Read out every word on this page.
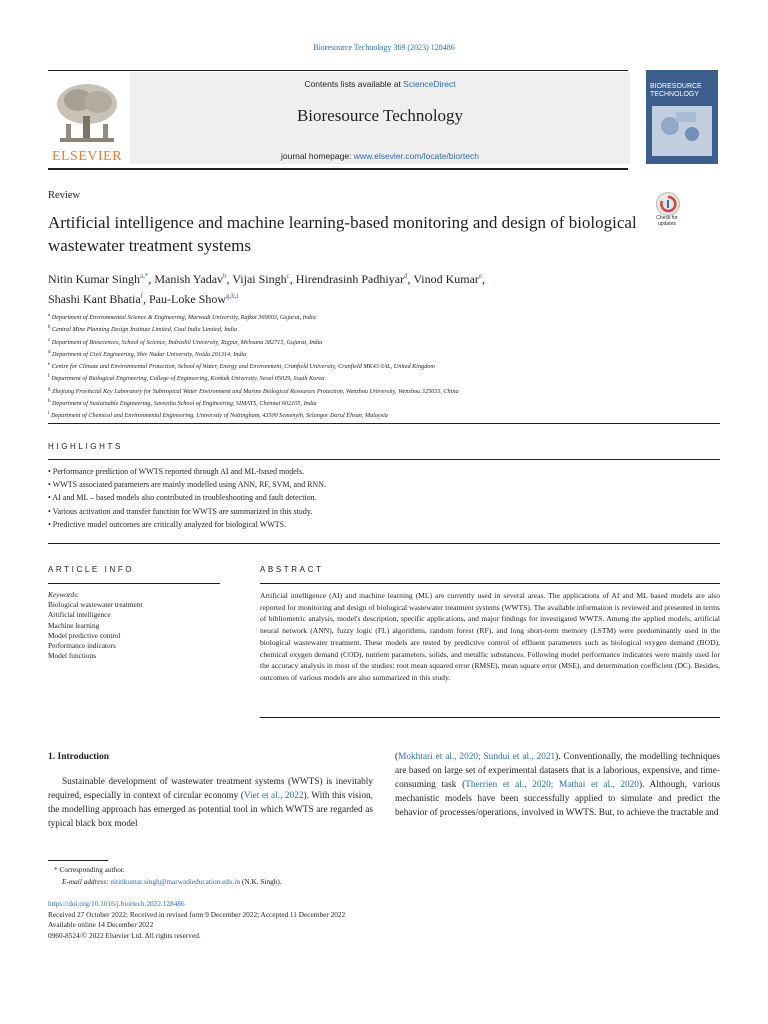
Bioresource Technology 369 (2023) 128486
ELSEVIER
Contents lists available at ScienceDirect
Bioresource Technology
journal homepage: www.elsevier.com/locate/biortech
BIORESOURCE
TECHNOLOGY
Review
Check for updates
Artificial intelligence and machine learning-based monitoring and design of biological wastewater treatment systems
Nitin Kumar Singh$^{a,*}$, Manish Yadav$^b$, Vijai Singh$^c$, Hirendrasinh Padhiyar$^d$, Vinod Kumar$^e$,
Shashi Kant Bhatia$^f$, Pau-Loke Show$^{g,h,i}$
$^a$ Department of Environmental Science & Engineering, Marwadi University, Rajkot 360003, Gujarat, India
$^b$ Central Mine Planning Design Institute Limited, Coal India Limited, India
$^c$ Department of Biosciences, School of Science, Indrashil University, Rajpur, Mehsana 382715, Gujarat, India
$^d$ Department of Civil Engineering, Shiv Nadar University, Noida 201314, India
$^e$ Centre for Climate and Environmental Protection, School of Water, Energy and Environment, Cranfield University, Cranfield MK43 0AL, United Kingdom
$^f$ Department of Biological Engineering, College of Engineering, Konkuk University, Seoul 05029, South Korea
$^g$ Zhejiang Provincial Key Laboratory for Subtropical Water Environment and Marine Biological Resources Protection, Wenzhou University, Wenzhou 325035, China
$^h$ Department of Sustainable Engineering, Saveetha School of Engineering, SIMATS, Chennai 602105, India
$^i$ Department of Chemical and Environmental Engineering, University of Nottingham, 43500 Semenyih, Selangor Darul Ehsan, Malaysia
HIGHLIGHTS
• Performance prediction of WWTS reported through AI and ML-based models.
• WWTS associated parameters are mainly modelled using ANN, RF, SVM, and RNN.
• AI and ML – based models also contributed in troubleshooting and fault detection.
• Various activation and transfer function for WWTS are summarized in this study.
• Predictive model outcomes are critically analyzed for biological WWTS.
ARTICLE INFO	ABSTRACT
Keywords:
Biological wastewater treatment
Artificial intelligence
Machine learning
Model predictive control
Performance indicators
Model functions
Artificial intelligence (AI) and machine learning (ML) are currently used in several areas. The applications of AI and ML based models are also reported for monitoring and design of biological wastewater treatment systems (WWTS). The available information is reviewed and presented in terms of bibliometric analysis, model's description, specific applications, and major findings for investigated WWTS. Among the applied models, artificial neural network (ANN), fuzzy logic (FL) algorithms, random forest (RF), and long short-term memory (LSTM) were predominantly used in the biological wastewater treatment. These models are tested by predictive control of effluent parameters such as biological oxygen demand (BOD), chemical oxygen demand (COD), nutrient parameters, solids, and metallic substances. Following model performance indicators were mainly used for the accuracy analysis in most of the studies: root mean squared error (RMSE), mean square error (MSE), and determination coefficient (DC). Besides, outcomes of various models are also summarized in this study.
1. Introduction
Sustainable development of wastewater treatment systems (WWTS) is inevitably required, especially in context of circular economy (Viet et al., 2022). With this vision, the modelling approach has emerged as potential tool in which WWTS are regarded as typical black box model
(Mokhtari et al., 2020; Sundui et al., 2021). Conventionally, the modelling techniques are based on large set of experimental datasets that is a laborious, expensive, and time-consuming task (Therrien et al., 2020; Mathai et al., 2020). Although, various mechanistic models have been successfully applied to simulate and predict the behavior of processes/operations, involved in WWTS. But, to achieve the tractable and
* Corresponding author.
E-mail address: nitinkumar.singh@marwadieducation.edu.in (N.K. Singh).
https://doi.org/10.1016/j.biortech.2022.128486
Received 27 October 2022; Received in revised form 9 December 2022; Accepted 11 December 2022
Available online 14 December 2022
0960-8524/© 2022 Elsevier Ltd. All rights reserved.
